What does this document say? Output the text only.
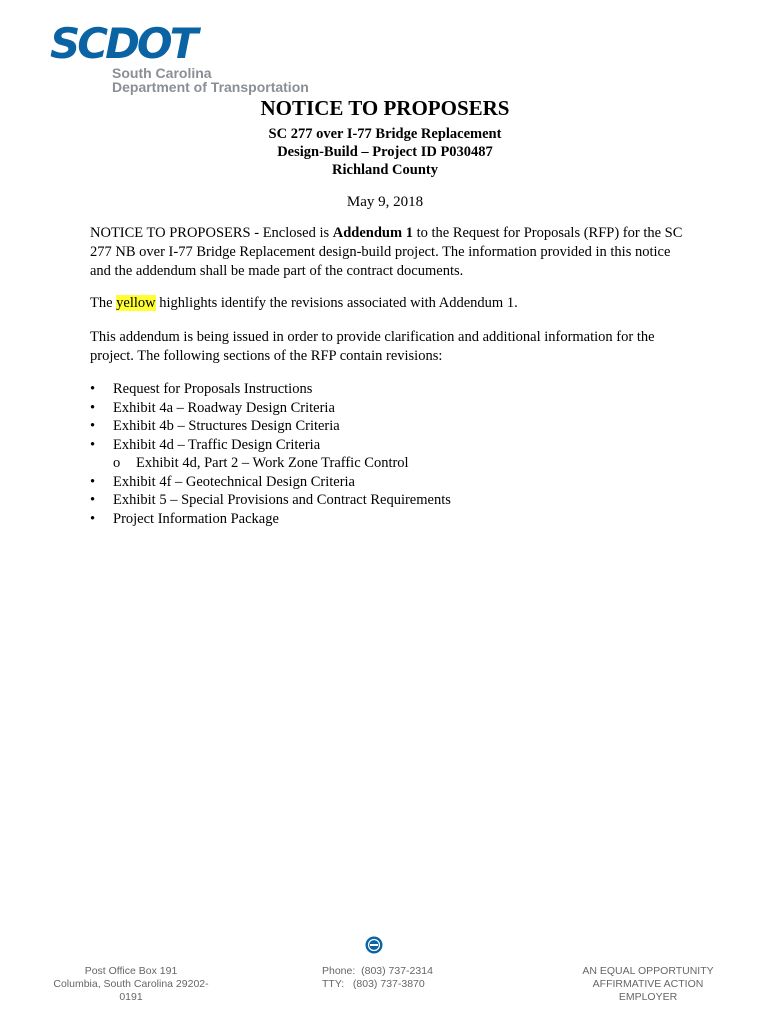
SCDOT
South Carolina
Department of Transportation
NOTICE TO PROPOSERS
SC 277 over I-77 Bridge Replacement
Design-Build – Project ID P030487
Richland County
May 9, 2018
NOTICE TO PROPOSERS - Enclosed is Addendum 1 to the Request for Proposals (RFP) for the SC 277 NB over I-77 Bridge Replacement design-build project. The information provided in this notice and the addendum shall be made part of the contract documents.
The yellow highlights identify the revisions associated with Addendum 1.
This addendum is being issued in order to provide clarification and additional information for the project. The following sections of the RFP contain revisions:
• Request for Proposals Instructions
• Exhibit 4a – Roadway Design Criteria
• Exhibit 4b – Structures Design Criteria
• Exhibit 4d – Traffic Design Criteria
o Exhibit 4d, Part 2 – Work Zone Traffic Control
• Exhibit 4f – Geotechnical Design Criteria
• Exhibit 5 – Special Provisions and Contract Requirements
• Project Information Package
Post Office Box 191
Columbia, South Carolina 29202-0191
Phone:  (803) 737-2314
TTY:   (803) 737-3870
AN EQUAL OPPORTUNITY
AFFIRMATIVE ACTION EMPLOYER
